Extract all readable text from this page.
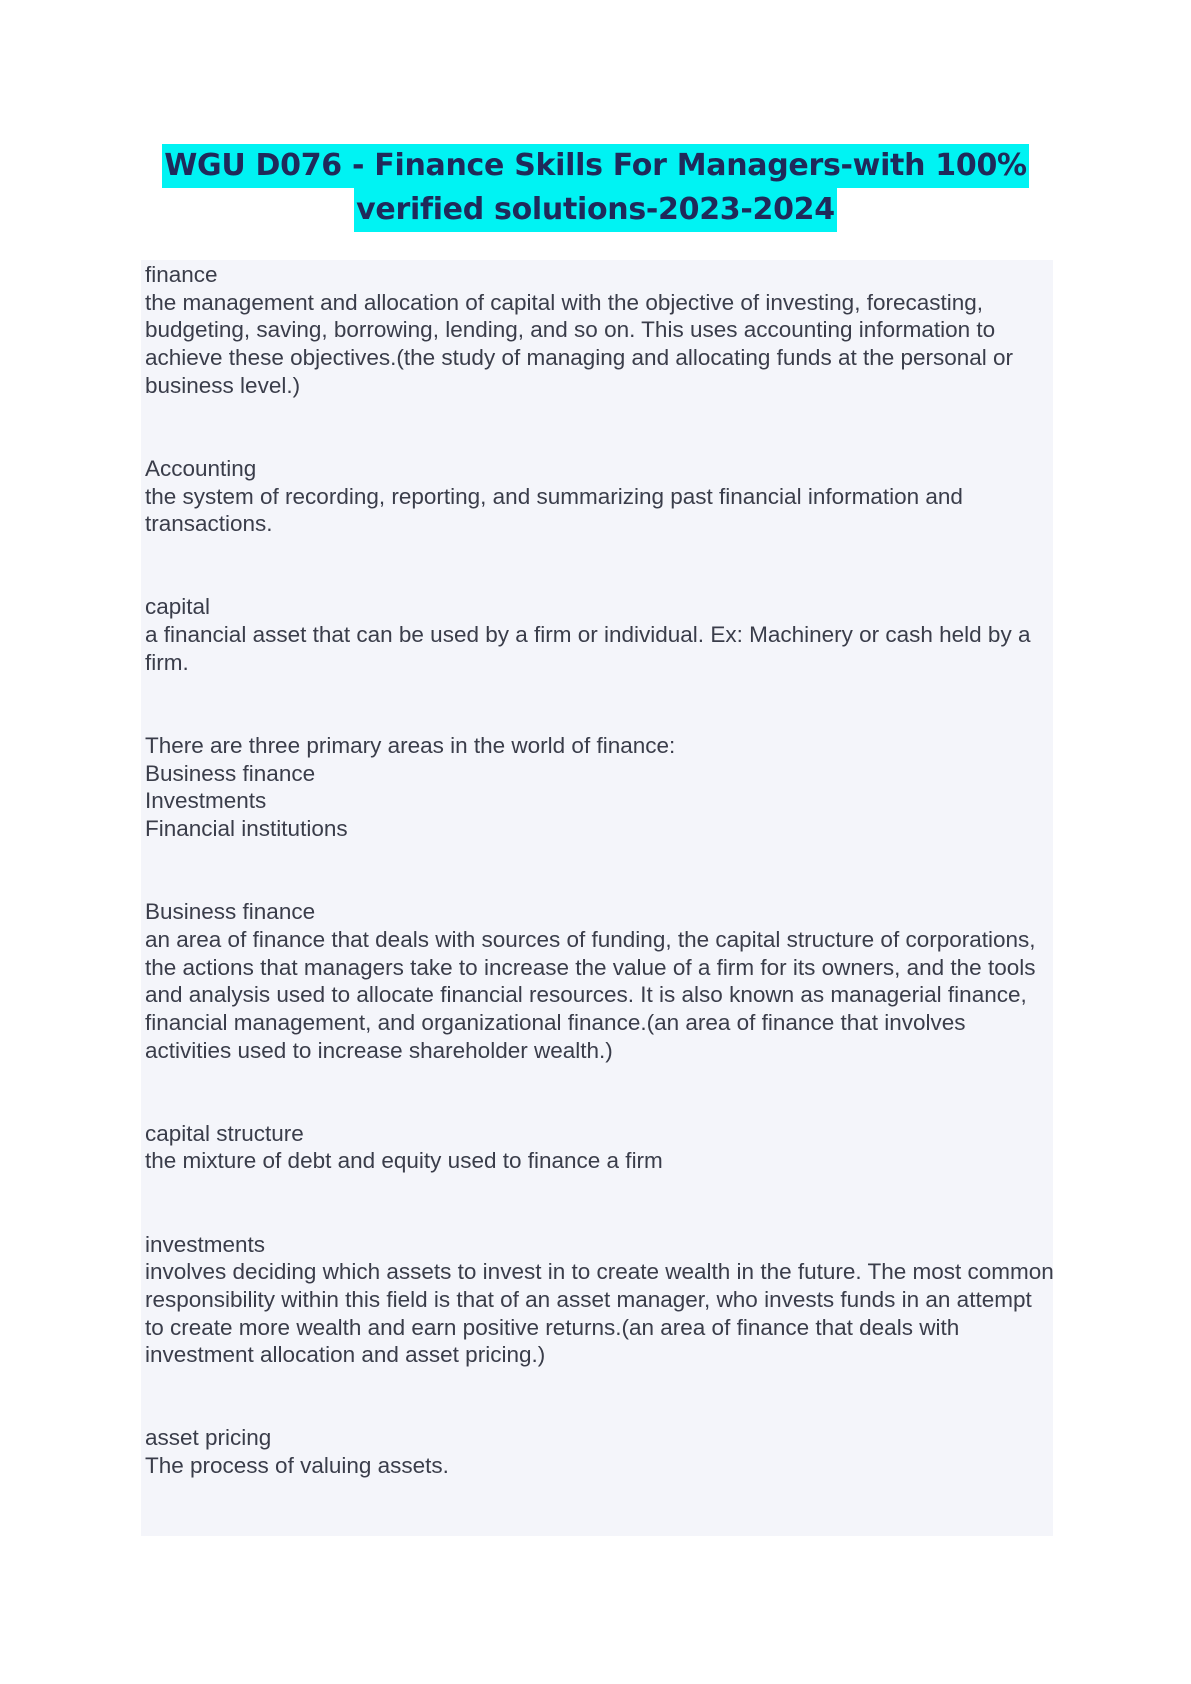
WGU D076 - Finance Skills For Managers-with 100%
verified solutions-2023-2024
finance
the management and allocation of capital with the objective of investing, forecasting, budgeting, saving, borrowing, lending, and so on. This uses accounting information to achieve these objectives.(the study of managing and allocating funds at the personal or business level.)
Accounting
the system of recording, reporting, and summarizing past financial information and transactions.
capital
a financial asset that can be used by a firm or individual. Ex: Machinery or cash held by a firm.
There are three primary areas in the world of finance:
Business finance
Investments
Financial institutions
Business finance
an area of finance that deals with sources of funding, the capital structure of corporations, the actions that managers take to increase the value of a firm for its owners, and the tools and analysis used to allocate financial resources. It is also known as managerial finance, financial management, and organizational finance.(an area of finance that involves activities used to increase shareholder wealth.)
capital structure
the mixture of debt and equity used to finance a firm
investments
involves deciding which assets to invest in to create wealth in the future. The most common responsibility within this field is that of an asset manager, who invests funds in an attempt to create more wealth and earn positive returns.(an area of finance that deals with investment allocation and asset pricing.)
asset pricing
The process of valuing assets.
